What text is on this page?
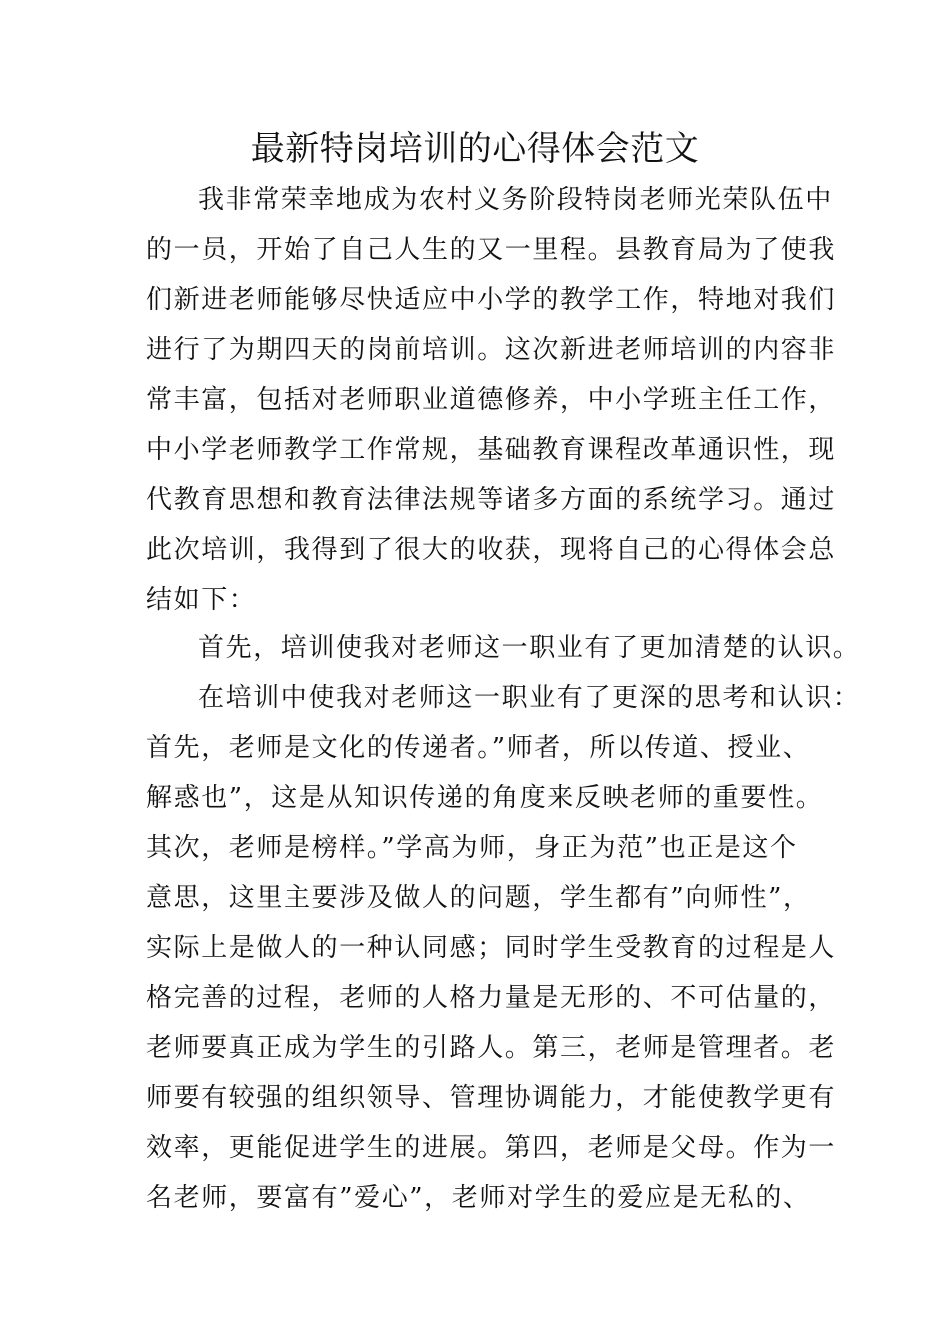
最新特岗培训的心得体会范文

我非常荣幸地成为农村义务阶段特岗老师光荣队伍中

的一员，开始了自己人生的又一里程。县教育局为了使我

们新进老师能够尽快适应中小学的教学工作，特地对我们

进行了为期四天的岗前培训。这次新进老师培训的内容非

常丰富，包括对老师职业道德修养，中小学班主任工作，

中小学老师教学工作常规，基础教育课程改革通识性，现

代教育思想和教育法律法规等诸多方面的系统学习。通过

此次培训，我得到了很大的收获，现将自己的心得体会总

结如下：

首先，培训使我对老师这一职业有了更加清楚的认识。

在培训中使我对老师这一职业有了更深的思考和认识：

首先，老师是文化的传递者。”师者，所以传道、授业、

解惑也”，这是从知识传递的角度来反映老师的重要性。

其次，老师是榜样。”学高为师，身正为范”也正是这个

意思，这里主要涉及做人的问题，学生都有”向师性”，

实际上是做人的一种认同感；同时学生受教育的过程是人

格完善的过程，老师的人格力量是无形的、不可估量的，

老师要真正成为学生的引路人。第三，老师是管理者。老

师要有较强的组织领导、管理协调能力，才能使教学更有

效率，更能促进学生的进展。第四，老师是父母。作为一

名老师，要富有”爱心”，老师对学生的爱应是无私的、
